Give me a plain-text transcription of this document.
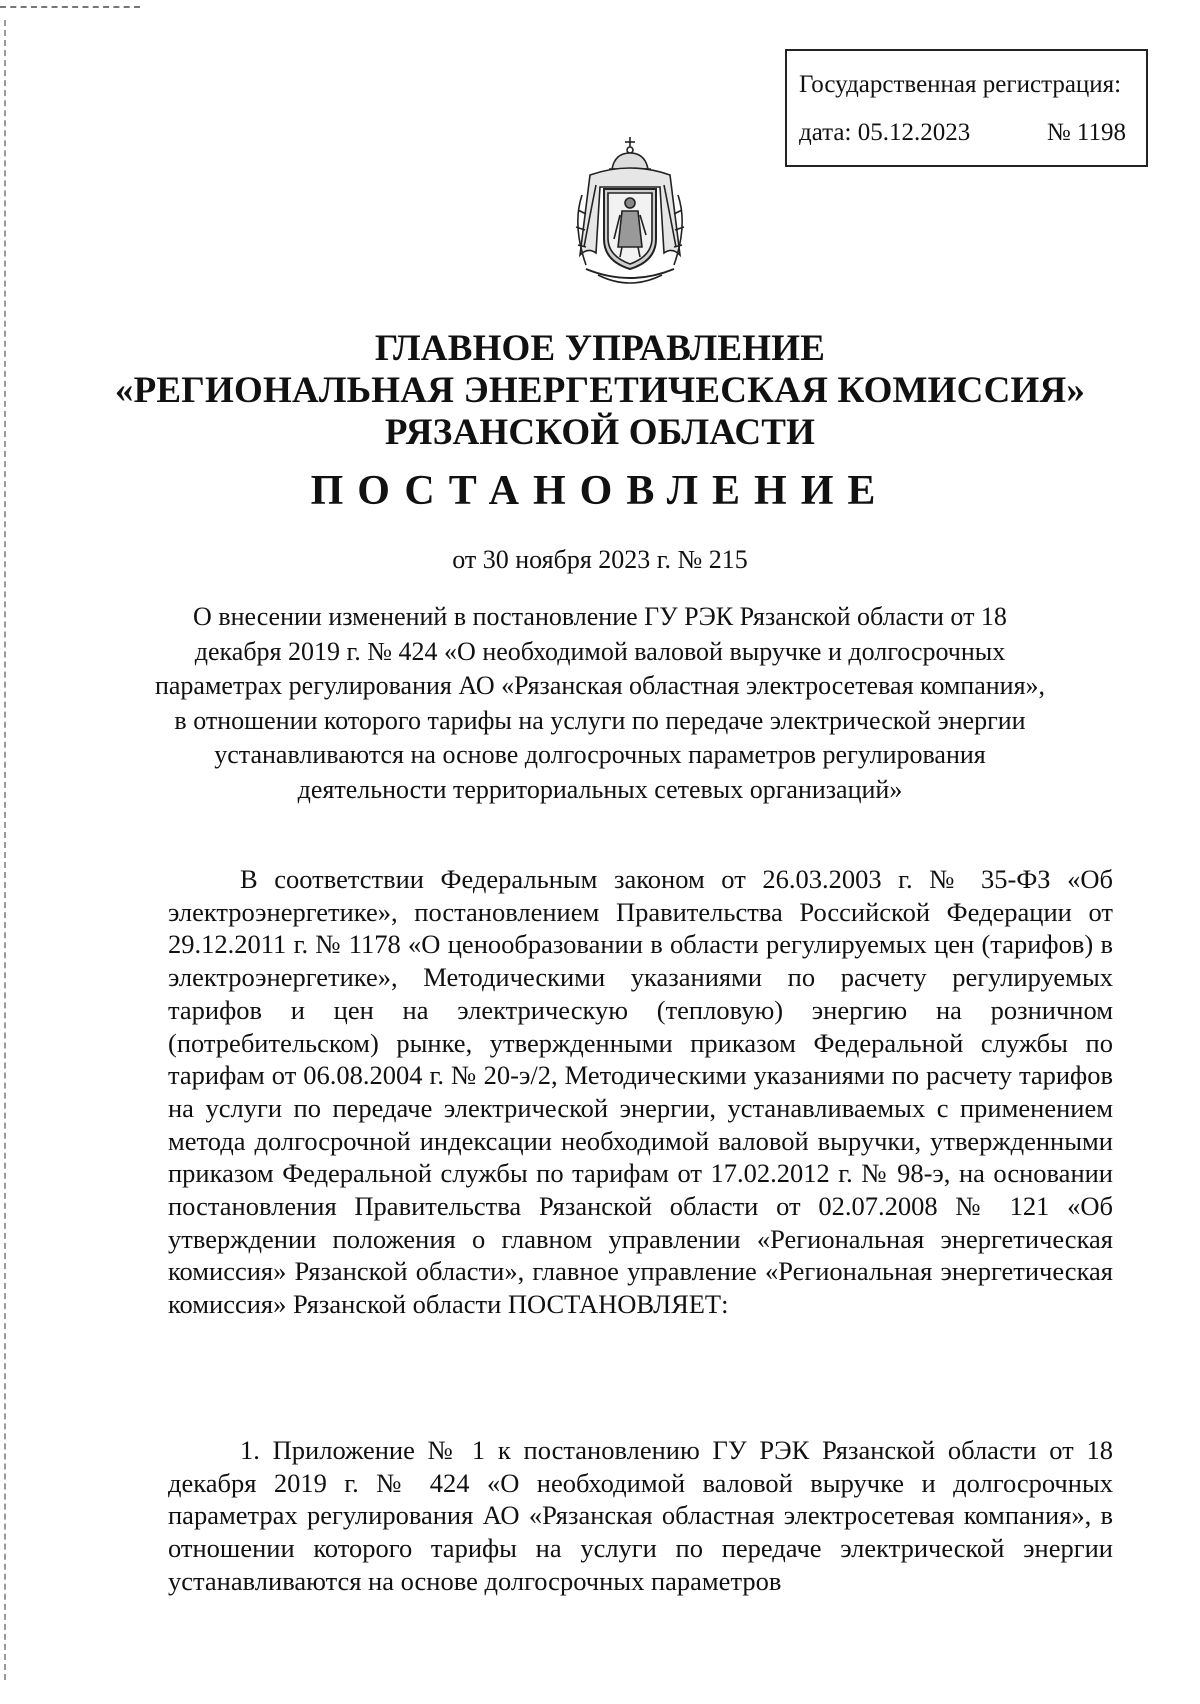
Государственная регистрация:
дата: 05.12.2023	№ 1198
ГЛАВНОЕ УПРАВЛЕНИЕ
«РЕГИОНАЛЬНАЯ ЭНЕРГЕТИЧЕСКАЯ КОМИССИЯ»
РЯЗАНСКОЙ ОБЛАСТИ
ПОСТАНОВЛЕНИЕ
от 30 ноября 2023 г. № 215
О внесении изменений в постановление ГУ РЭК Рязанской области от 18 декабря 2019 г. № 424 «О необходимой валовой выручке и долгосрочных параметрах регулирования АО «Рязанская областная электросетевая компания», в отношении которого тарифы на услуги по передаче электрической энергии устанавливаются на основе долгосрочных параметров регулирования деятельности территориальных сетевых организаций»
В соответствии Федеральным законом от 26.03.2003 г. № 35-ФЗ «Об электроэнергетике», постановлением Правительства Российской Федерации от 29.12.2011 г. № 1178 «О ценообразовании в области регулируемых цен (тарифов) в электроэнергетике», Методическими указаниями по расчету регулируемых тарифов и цен на электрическую (тепловую) энергию на розничном (потребительском) рынке, утвержденными приказом Федеральной службы по тарифам от 06.08.2004 г. № 20-э/2, Методическими указаниями по расчету тарифов на услуги по передаче электрической энергии, устанавливаемых с применением метода долгосрочной индексации необходимой валовой выручки, утвержденными приказом Федеральной службы по тарифам от 17.02.2012 г. № 98-э, на основании постановления Правительства Рязанской области от 02.07.2008 № 121 «Об утверждении положения о главном управлении «Региональная энергетическая комиссия» Рязанской области», главное управление «Региональная энергетическая комиссия» Рязанской области ПОСТАНОВЛЯЕТ:
1. Приложение № 1 к постановлению ГУ РЭК Рязанской области от 18 декабря 2019 г. № 424 «О необходимой валовой выручке и долгосрочных параметрах регулирования АО «Рязанская областная электросетевая компания», в отношении которого тарифы на услуги по передаче электрической энергии устанавливаются на основе долгосрочных параметров
